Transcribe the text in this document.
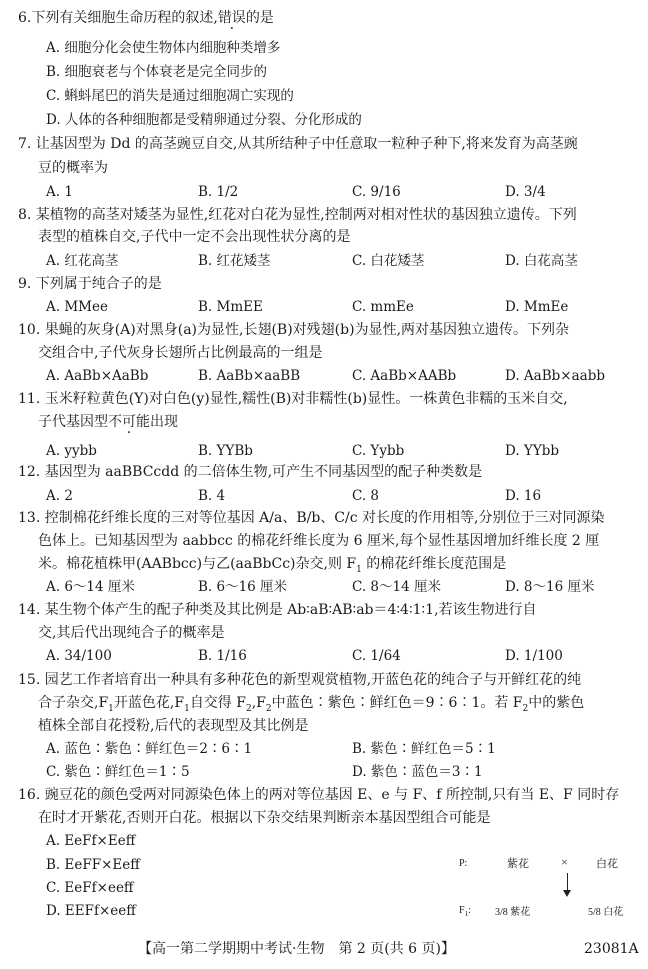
6.下列有关细胞生命历程的叙述,错误的是
A. 细胞分化会使生物体内细胞种类增多
B. 细胞衰老与个体衰老是完全同步的
C. 蝌蚪尾巴的消失是通过细胞凋亡实现的
D. 人体的各种细胞都是受精卵通过分裂、分化形成的
7. 让基因型为 Dd 的高茎豌豆自交,从其所结种子中任意取一粒种子种下,将来发育为高茎豌
豆的概率为
A. 1	B. 1/2	C. 9/16	D. 3/4
8. 某植物的高茎对矮茎为显性,红花对白花为显性,控制两对相对性状的基因独立遗传。下列
表型的植株自交,子代中一定不会出现性状分离的是
A. 红花高茎	B. 红花矮茎	C. 白花矮茎	D. 白花高茎
9. 下列属于纯合子的是
A. MMee	B. MmEE	C. mmEe	D. MmEe
10. 果蝇的灰身(A)对黑身(a)为显性,长翅(B)对残翅(b)为显性,两对基因独立遗传。下列杂
交组合中,子代灰身长翅所占比例最高的一组是
A. AaBb×AaBb	B. AaBb×aaBB	C. AaBb×AABb	D. AaBb×aabb
11. 玉米籽粒黄色(Y)对白色(y)显性,糯性(B)对非糯性(b)显性。一株黄色非糯的玉米自交,
子代基因型不可能出现
A. yybb	B. YYBb	C. Yybb	D. YYbb
12. 基因型为 aaBBCcdd 的二倍体生物,可产生不同基因型的配子种类数是
A. 2	B. 4	C. 8	D. 16
13. 控制棉花纤维长度的三对等位基因 A/a、B/b、C/c 对长度的作用相等,分别位于三对同源染
色体上。已知基因型为 aabbcc 的棉花纤维长度为 6 厘米,每个显性基因增加纤维长度 2 厘
米。棉花植株甲(AABbcc)与乙(aaBbCc)杂交,则 $F_1$ 的棉花纤维长度范围是
A. 6～14 厘米	B. 6～16 厘米	C. 8～14 厘米	D. 8～16 厘米
14. 某生物个体产生的配子种类及其比例是 Ab∶aB∶AB∶ab＝4∶4∶1∶1,若该生物进行自
交,其后代出现纯合子的概率是
A. 34/100	B. 1/16	C. 1/64	D. 1/100
15. 园艺工作者培育出一种具有多种花色的新型观赏植物,开蓝色花的纯合子与开鲜红花的纯
合子杂交$,F_1$开蓝色花$,F_1$自交得 $F_2,F_2$中蓝色∶紫色∶鲜红色＝9∶6∶1。若 $F_2$中的紫色
植株全部自花授粉,后代的表现型及其比例是
A. 蓝色∶紫色∶鲜红色＝2∶6∶1	B. 紫色∶鲜红色＝5∶1
C. 紫色∶鲜红色＝1∶5	D. 紫色∶蓝色＝3∶1
16. 豌豆花的颜色受两对同源染色体上的两对等位基因 E、e 与 F、f 所控制,只有当 E、F 同时存
在时才开紫花,否则开白花。根据以下杂交结果判断亲本基因型组合可能是
A. EeFf×Eeff
B. EeFF×Eeff
C. EeFf×eeff
D. EEFf×eeff
P:	紫花	×	白花
$F_1$: 3/8 紫花	5/8 白花
【高一第二学期期中考试·生物　第 2 页(共 6 页)】	23081A
